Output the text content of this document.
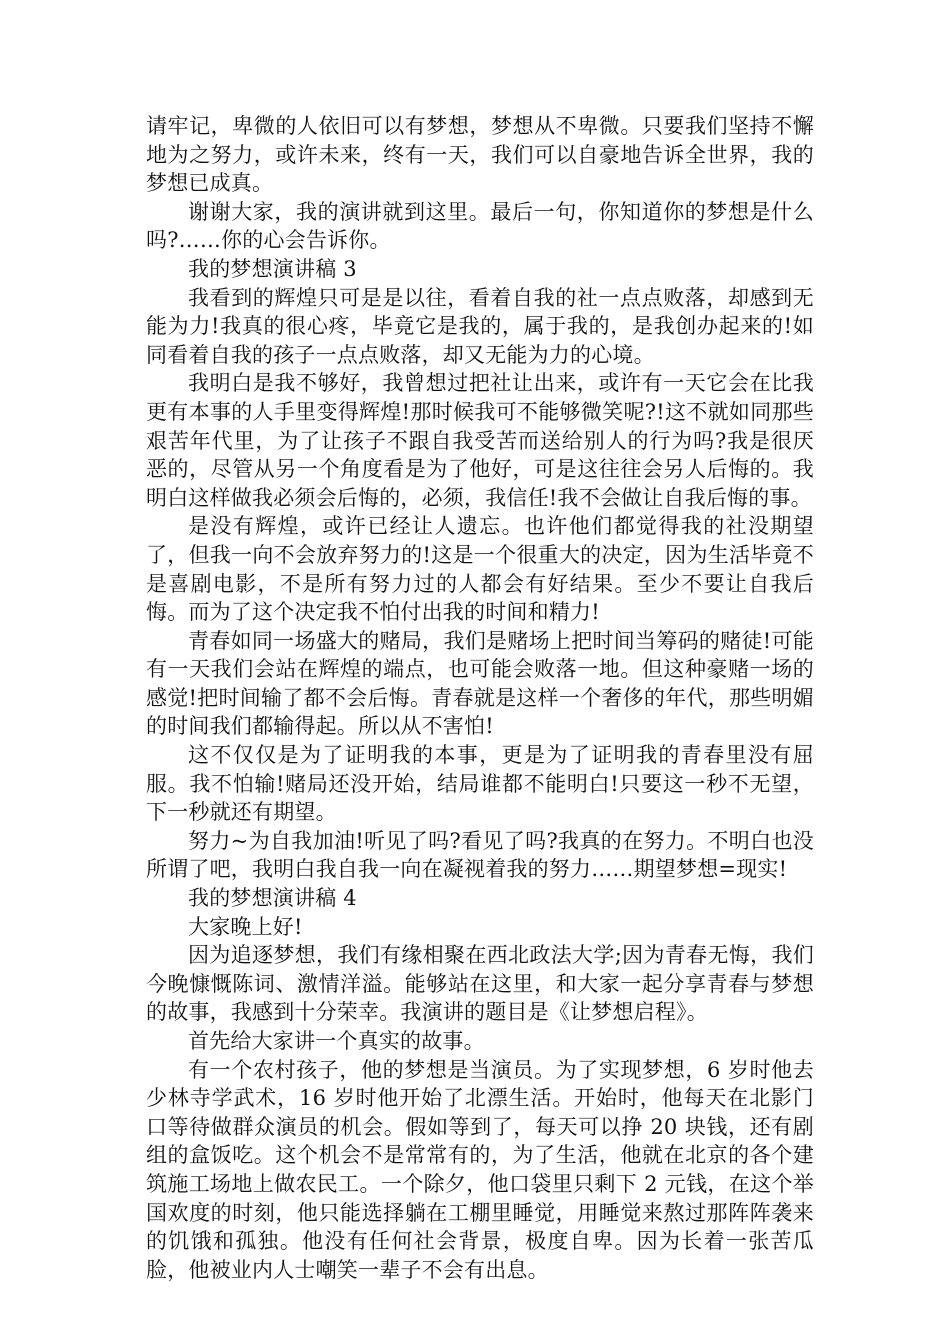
请牢记，卑微的人依旧可以有梦想，梦想从不卑微。只要我们坚持不懈地为之努力，或许未来，终有一天，我们可以自豪地告诉全世界，我的梦想已成真。

谢谢大家，我的演讲就到这里。最后一句，你知道你的梦想是什么吗?……你的心会告诉你。

我的梦想演讲稿 3

我看到的辉煌只可是是以往，看着自我的社一点点败落，却感到无能为力!我真的很心疼，毕竟它是我的，属于我的，是我创办起来的!如同看着自我的孩子一点点败落，却又无能为力的心境。

我明白是我不够好，我曾想过把社让出来，或许有一天它会在比我更有本事的人手里变得辉煌!那时候我可不能够微笑呢?!这不就如同那些艰苦年代里，为了让孩子不跟自我受苦而送给别人的行为吗?我是很厌恶的，尽管从另一个角度看是为了他好，可是这往往会另人后悔的。我明白这样做我必须会后悔的，必须，我信任!我不会做让自我后悔的事。

是没有辉煌，或许已经让人遗忘。也许他们都觉得我的社没期望了，但我一向不会放弃努力的!这是一个很重大的决定，因为生活毕竟不是喜剧电影，不是所有努力过的人都会有好结果。至少不要让自我后悔。而为了这个决定我不怕付出我的时间和精力!

青春如同一场盛大的赌局，我们是赌场上把时间当筹码的赌徒!可能有一天我们会站在辉煌的端点，也可能会败落一地。但这种豪赌一场的感觉!把时间输了都不会后悔。青春就是这样一个奢侈的年代，那些明媚的时间我们都输得起。所以从不害怕!

这不仅仅是为了证明我的本事，更是为了证明我的青春里没有屈服。我不怕输!赌局还没开始，结局谁都不能明白!只要这一秒不无望，下一秒就还有期望。

努力~为自我加油!听见了吗?看见了吗?我真的在努力。不明白也没所谓了吧，我明白我自我一向在凝视着我的努力……期望梦想=现实!

我的梦想演讲稿 4

大家晚上好!

因为追逐梦想，我们有缘相聚在西北政法大学;因为青春无悔，我们今晚慷慨陈词、激情洋溢。能够站在这里，和大家一起分享青春与梦想的故事，我感到十分荣幸。我演讲的题目是《让梦想启程》。

首先给大家讲一个真实的故事。

有一个农村孩子，他的梦想是当演员。为了实现梦想，6 岁时他去少林寺学武术，16 岁时他开始了北漂生活。开始时，他每天在北影门口等待做群众演员的机会。假如等到了，每天可以挣 20 块钱，还有剧组的盒饭吃。这个机会不是常常有的，为了生活，他就在北京的各个建筑施工场地上做农民工。一个除夕，他口袋里只剩下 2 元钱，在这个举国欢度的时刻，他只能选择躺在工棚里睡觉，用睡觉来熬过那阵阵袭来的饥饿和孤独。他没有任何社会背景，极度自卑。因为长着一张苦瓜脸，他被业内人士嘲笑一辈子不会有出息。
